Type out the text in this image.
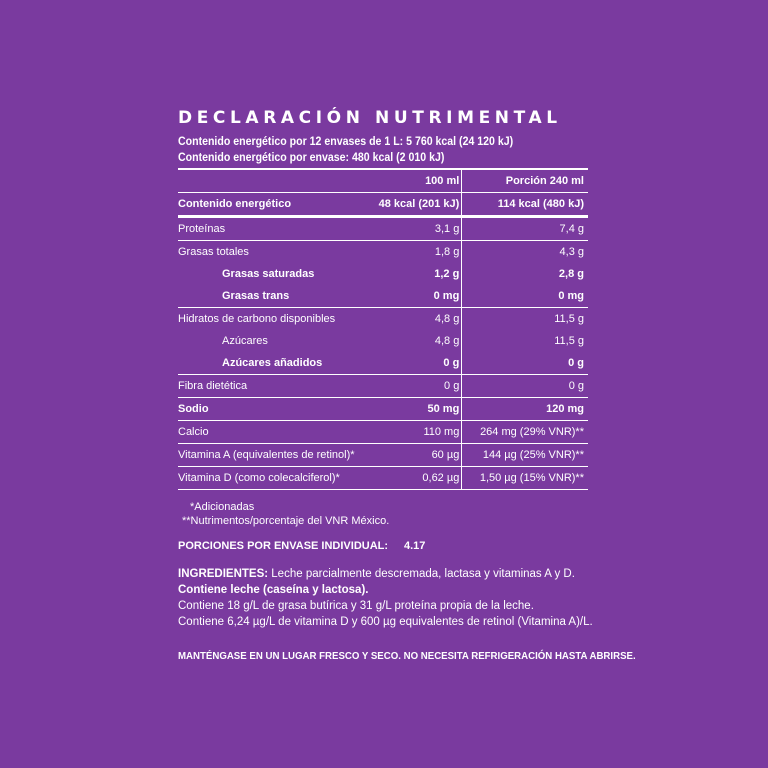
DECLARACIÓN NUTRIMENTAL
Contenido energético por 12 envases de 1 L: 5 760 kcal (24 120 kJ)
Contenido energético por envase: 480 kcal (2 010 kJ)
	100 ml	Porción 240 ml
Contenido energético	48 kcal (201 kJ)	114 kcal (480 kJ)
Proteínas	3,1 g	7,4 g
Grasas totales	1,8 g	4,3 g
Grasas saturadas	1,2 g	2,8 g
Grasas trans	0 mg	0 mg
Hidratos de carbono disponibles	4,8 g	11,5 g
Azúcares	4,8 g	11,5 g
Azúcares añadidos	0 g	0 g
Fibra dietética	0 g	0 g
Sodio	50 mg	120 mg
Calcio	110 mg	264 mg (29% VNR)**
Vitamina A (equivalentes de retinol)*	60 µg	144 µg (25% VNR)**
Vitamina D (como colecalciferol)*	0,62 µg	1,50 µg (15% VNR)**
*Adicionadas
**Nutrimentos/porcentaje del VNR México.
PORCIONES POR ENVASE INDIVIDUAL: 4.17
INGREDIENTES: Leche parcialmente descremada, lactasa y vitaminas A y D.
Contiene leche (caseína y lactosa).
Contiene 18 g/L de grasa butírica y 31 g/L proteína propia de la leche.
Contiene 6,24 µg/L de vitamina D y 600 µg equivalentes de retinol (Vitamina A)/L.
MANTÉNGASE EN UN LUGAR FRESCO Y SECO. NO NECESITA REFRIGERACIÓN HASTA ABRIRSE.
